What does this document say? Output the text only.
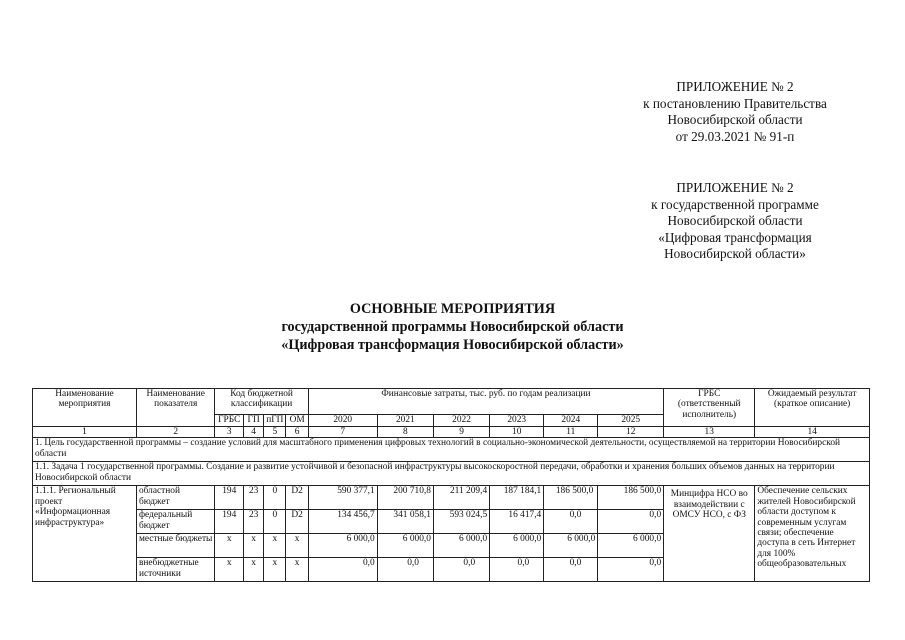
ПРИЛОЖЕНИЕ № 2
к постановлению Правительства
Новосибирской области
от 29.03.2021 № 91-п
ПРИЛОЖЕНИЕ № 2
к государственной программе
Новосибирской области
«Цифровая трансформация
Новосибирской области»
ОСНОВНЫЕ МЕРОПРИЯТИЯ
государственной программы Новосибирской области
«Цифровая трансформация Новосибирской области»
Наименование мероприятия	Наименование показателя	Код бюджетной классификации				Финансовые затраты, тыс. руб. по годам реализации						ГРБС (ответственный исполнитель)	Ожидаемый результат (краткое описание)
		ГРБС	ГП	пГП	ОМ	2020	2021	2022	2023	2024	2025		
1	2	3	4	5	6	7	8	9	10	11	12	13	14
1. Цель государственной программы – создание условий для масштабного применения цифровых технологий в социально-экономической деятельности, осуществляемой на территории Новосибирской области													
1.1. Задача 1 государственной программы. Создание и развитие устойчивой и безопасной инфраструктуры высокоскоростной передачи, обработки и хранения больших объемов данных на территории Новосибирской области													
1.1.1. Региональный проект «Информационная инфраструктура»	областной бюджет	194	23	0	D2	590 377,1	200 710,8	211 209,4	187 184,1	186 500,0	186 500,0	Минцифра НСО во взаимодействии с ОМСУ НСО, с ФЗ	Обеспечение сельских жителей Новосибирской области доступом к современным услугам связи; обеспечение доступа в сеть Интернет для 100% общеобразовательных
	федеральный бюджет	194	23	0	D2	134 456,7	341 058,1	593 024,5	16 417,4	0,0	0,0		
	местные бюджеты	х	х	х	х	6 000,0	6 000,0	6 000,0	6 000,0	6 000,0	6 000,0		
	внебюджетные источники	х	х	х	х	0,0	0,0	0,0	0,0	0,0	0,0		
